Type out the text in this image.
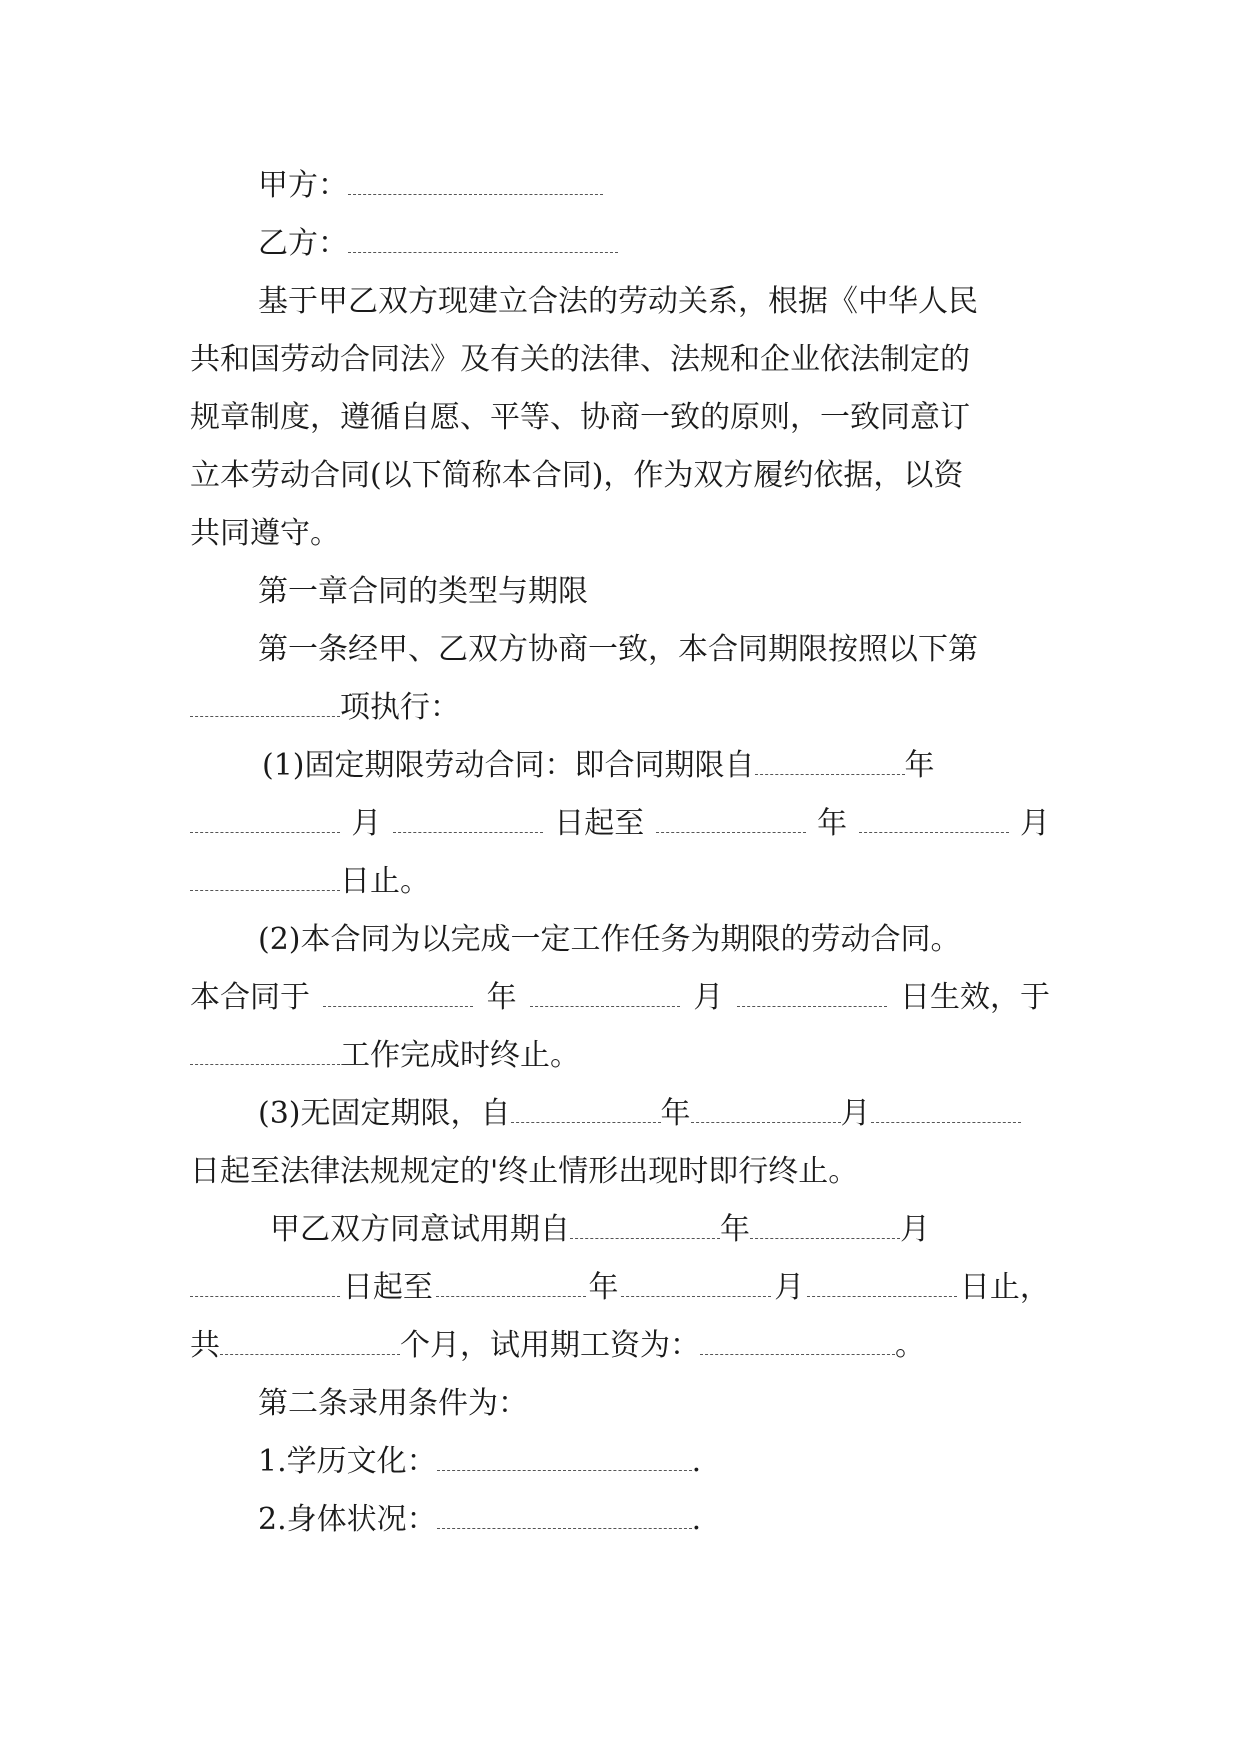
甲方：

乙方：

基于甲乙双方现建立合法的劳动关系，根据《中华人民

共和国劳动合同法》及有关的法律、法规和企业依法制定的

规章制度，遵循自愿、平等、协商一致的原则，一致同意订

立本劳动合同(以下简称本合同)，作为双方履约依据，以资

共同遵守。

第一章合同的类型与期限

第一条经甲、乙双方协商一致，本合同期限按照以下第

项执行：

(1)固定期限劳动合同：即合同期限自	年

月	日起至	年	月

日止。

(2)本合同为以完成一定工作任务为期限的劳动合同。

本合同于	年	月	日生效，于

工作完成时终止。

(3)无固定期限，自	年	月

日起至法律法规规定的'终止情形出现时即行终止。

甲乙双方同意试用期自	年	月

日起至	年	月	日止，

共	个月，试用期工资为：	。

第二条录用条件为：

1.学历文化：	.

2.身体状况：	.
